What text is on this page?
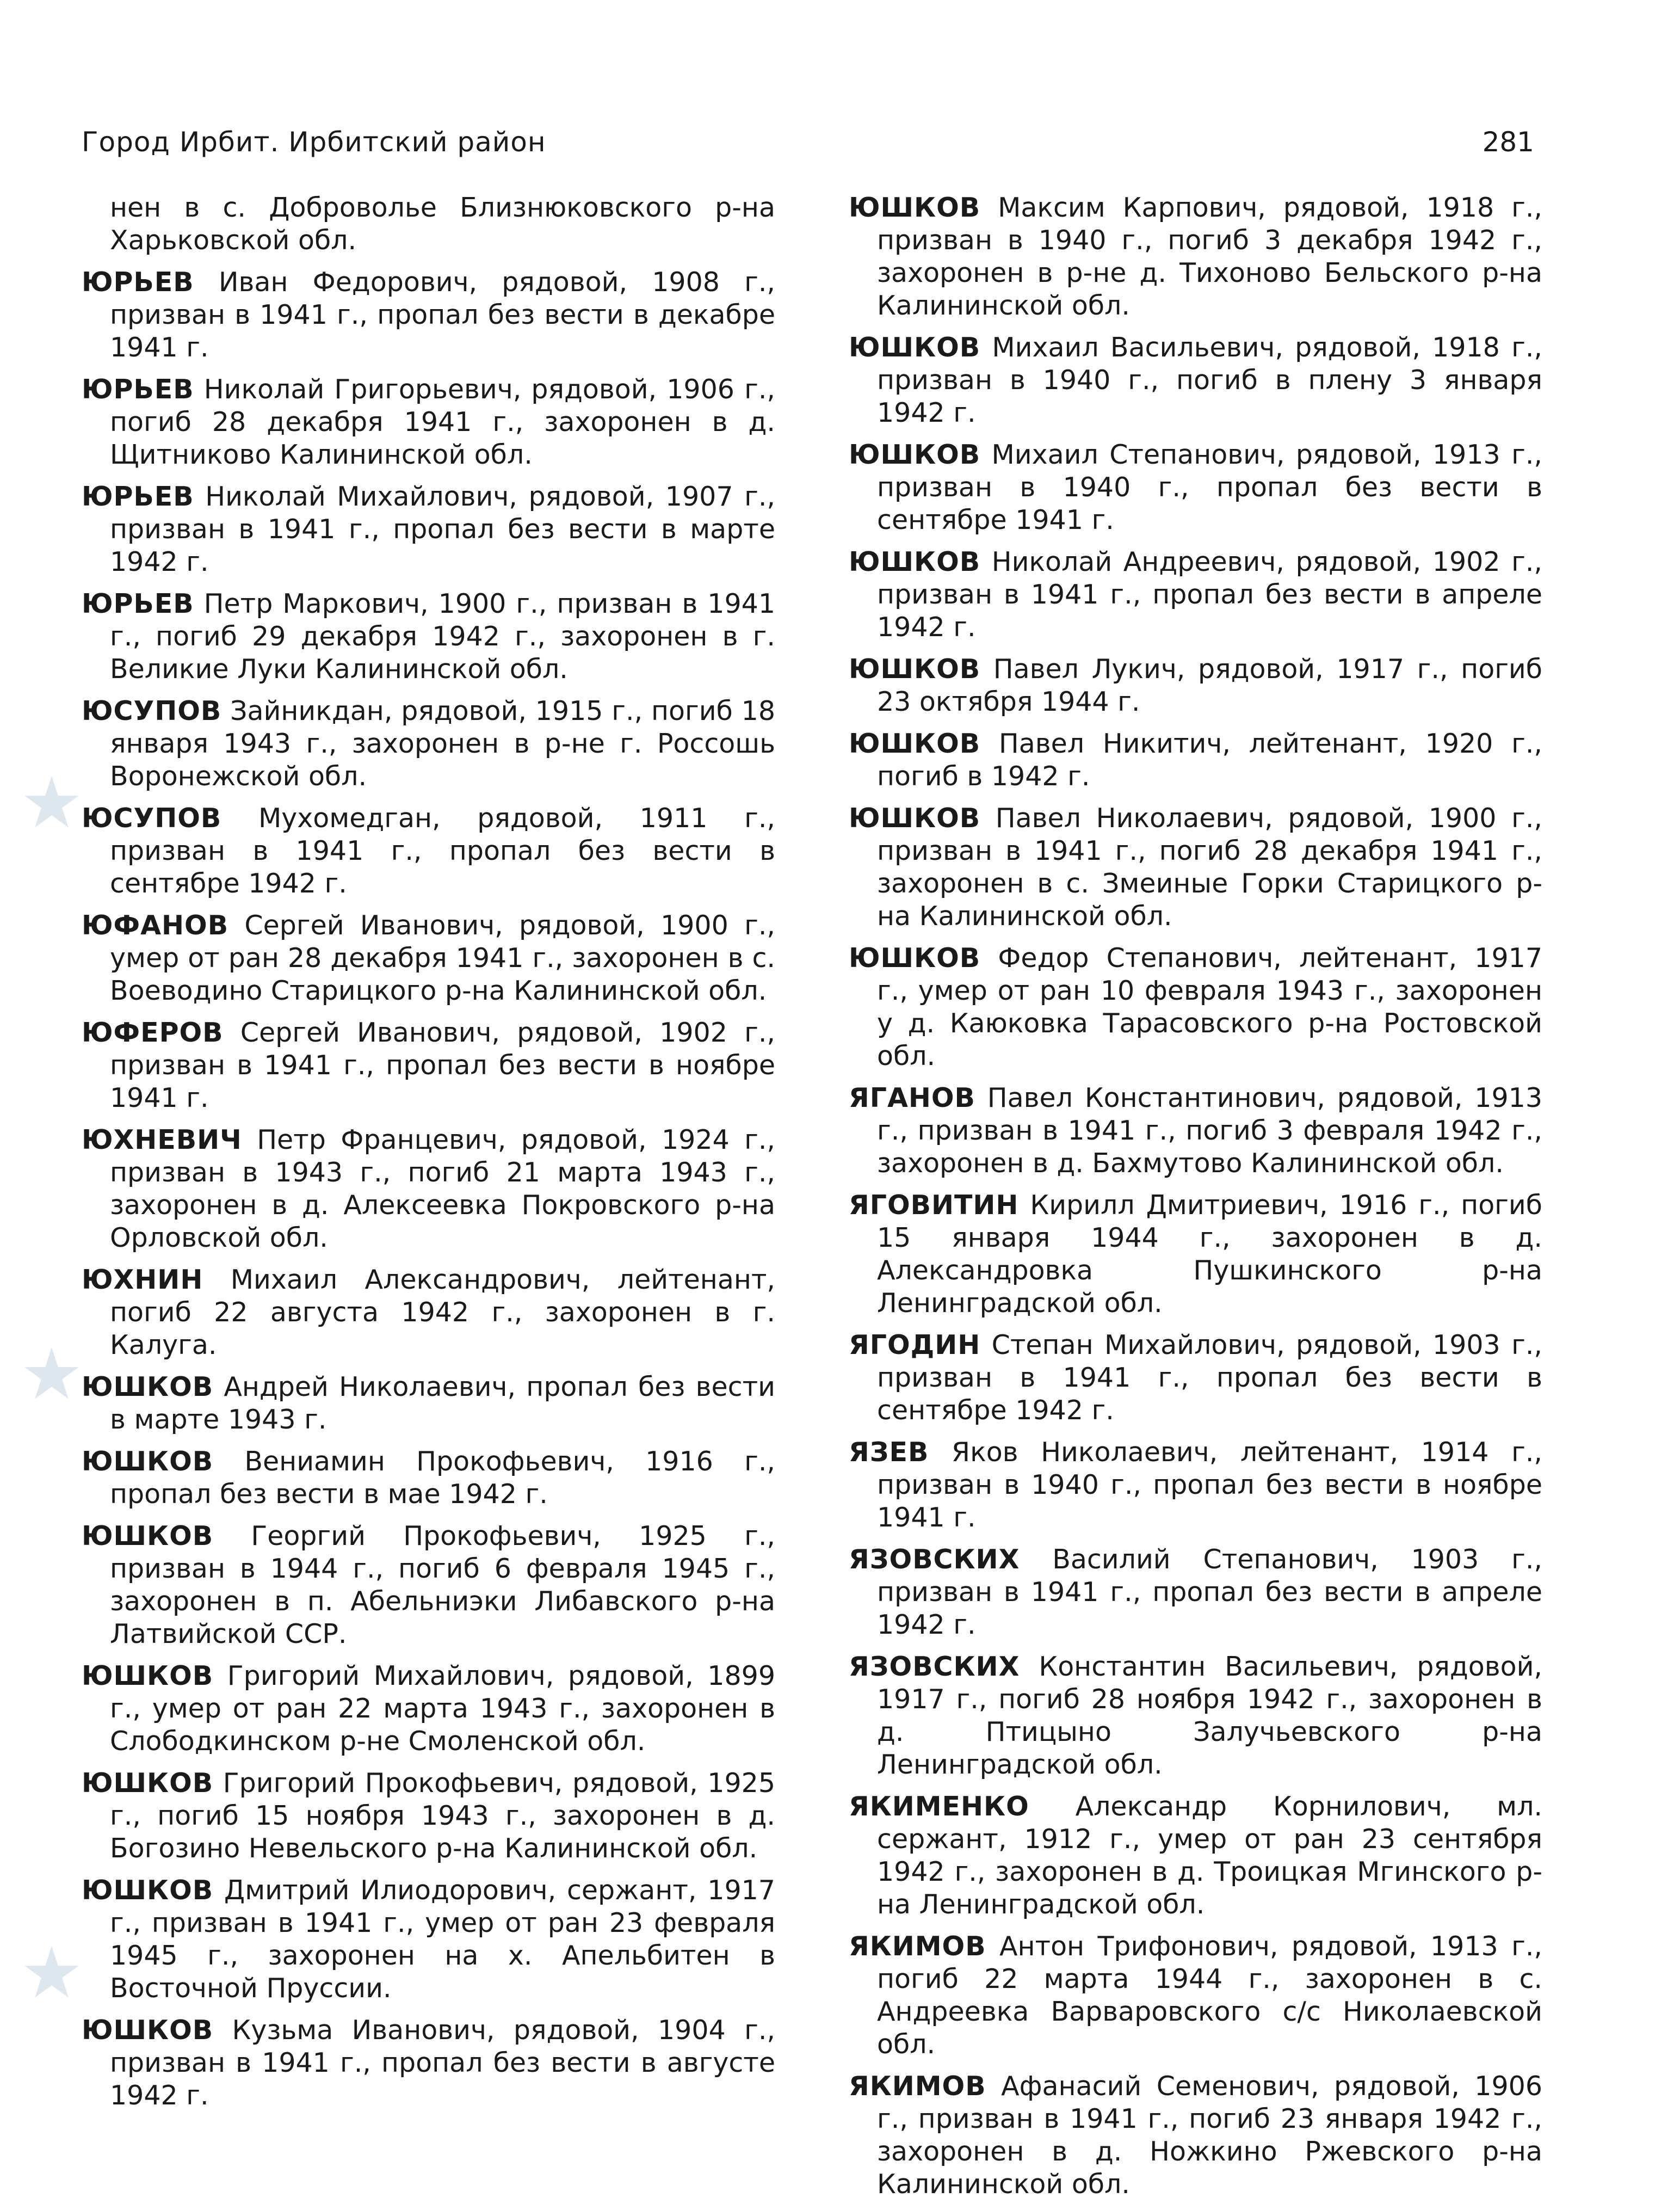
Город Ирбит. Ирбитский район	281
★
★
★

нен в с. Доброволье Близнюковского р-на Харьковской обл.

ЮРЬЕВ Иван Федорович, рядовой, 1908 г., призван в 1941 г., пропал без вести в декабре 1941 г.

ЮРЬЕВ Николай Григорьевич, рядовой, 1906 г., погиб 28 декабря 1941 г., захоронен в д. Щитниково Калининской обл.

ЮРЬЕВ Николай Михайлович, рядовой, 1907 г., призван в 1941 г., пропал без вести в марте 1942 г.

ЮРЬЕВ Петр Маркович, 1900 г., призван в 1941 г., погиб 29 декабря 1942 г., захоронен в г. Великие Луки Калининской обл.

ЮСУПОВ Зайникдан, рядовой, 1915 г., погиб 18 января 1943 г., захоронен в р-не г. Россошь Воронежской обл.

ЮСУПОВ Мухомедган, рядовой, 1911 г., призван в 1941 г., пропал без вести в сентябре 1942 г.

ЮФАНОВ Сергей Иванович, рядовой, 1900 г., умер от ран 28 декабря 1941 г., захоронен в с. Воеводино Старицкого р-на Калининской обл.

ЮФЕРОВ Сергей Иванович, рядовой, 1902 г., призван в 1941 г., пропал без вести в ноябре 1941 г.

ЮХНЕВИЧ Петр Францевич, рядовой, 1924 г., призван в 1943 г., погиб 21 марта 1943 г., захоронен в д. Алексеевка Покровского р-на Орловской обл.

ЮХНИН Михаил Александрович, лейтенант, погиб 22 августа 1942 г., захоронен в г. Калуга.

ЮШКОВ Андрей Николаевич, пропал без вести в марте 1943 г.

ЮШКОВ Вениамин Прокофьевич, 1916 г., пропал без вести в мае 1942 г.

ЮШКОВ Георгий Прокофьевич, 1925 г., призван в 1944 г., погиб 6 февраля 1945 г., захоронен в п. Абельниэки Либавского р-на Латвийской ССР.

ЮШКОВ Григорий Михайлович, рядовой, 1899 г., умер от ран 22 марта 1943 г., захоронен в Слободкинском р-не Смоленской обл.

ЮШКОВ Григорий Прокофьевич, рядовой, 1925 г., погиб 15 ноября 1943 г., захоронен в д. Богозино Невельского р-на Калининской обл.

ЮШКОВ Дмитрий Илиодорович, сержант, 1917 г., призван в 1941 г., умер от ран 23 февраля 1945 г., захоронен на х. Апельбитен в Восточной Пруссии.

ЮШКОВ Кузьма Иванович, рядовой, 1904 г., призван в 1941 г., пропал без вести в августе 1942 г.

ЮШКОВ Максим Карпович, рядовой, 1918 г., призван в 1940 г., погиб 3 декабря 1942 г., захоронен в р-не д. Тихоново Бельского р-на Калининской обл.

ЮШКОВ Михаил Васильевич, рядовой, 1918 г., призван в 1940 г., погиб в плену 3 января 1942 г.

ЮШКОВ Михаил Степанович, рядовой, 1913 г., призван в 1940 г., пропал без вести в сентябре 1941 г.

ЮШКОВ Николай Андреевич, рядовой, 1902 г., призван в 1941 г., пропал без вести в апреле 1942 г.

ЮШКОВ Павел Лукич, рядовой, 1917 г., погиб 23 октября 1944 г.

ЮШКОВ Павел Никитич, лейтенант, 1920 г., погиб в 1942 г.

ЮШКОВ Павел Николаевич, рядовой, 1900 г., призван в 1941 г., погиб 28 декабря 1941 г., захоронен в с. Змеиные Горки Старицкого р-на Калининской обл.

ЮШКОВ Федор Степанович, лейтенант, 1917 г., умер от ран 10 февраля 1943 г., захоронен у д. Каюковка Тарасовского р-на Ростовской обл.

ЯГАНОВ Павел Константинович, рядовой, 1913 г., призван в 1941 г., погиб 3 февраля 1942 г., захоронен в д. Бахмутово Калининской обл.

ЯГОВИТИН Кирилл Дмитриевич, 1916 г., погиб 15 января 1944 г., захоронен в д. Александровка Пушкинского р-на Ленинградской обл.

ЯГОДИН Степан Михайлович, рядовой, 1903 г., призван в 1941 г., пропал без вести в сентябре 1942 г.

ЯЗЕВ Яков Николаевич, лейтенант, 1914 г., призван в 1940 г., пропал без вести в ноябре 1941 г.

ЯЗОВСКИХ Василий Степанович, 1903 г., призван в 1941 г., пропал без вести в апреле 1942 г.

ЯЗОВСКИХ Константин Васильевич, рядовой, 1917 г., погиб 28 ноября 1942 г., захоронен в д. Птицыно Залучьевского р-на Ленинградской обл.

ЯКИМЕНКО Александр Корнилович, мл. сержант, 1912 г., умер от ран 23 сентября 1942 г., захоронен в д. Троицкая Мгинского р-на Ленинградской обл.

ЯКИМОВ Антон Трифонович, рядовой, 1913 г., погиб 22 марта 1944 г., захоронен в с. Андреевка Варваровского с/с Николаевской обл.

ЯКИМОВ Афанасий Семенович, рядовой, 1906 г., призван в 1941 г., погиб 23 января 1942 г., захоронен в д. Ножкино Ржевского р-на Калининской обл.
